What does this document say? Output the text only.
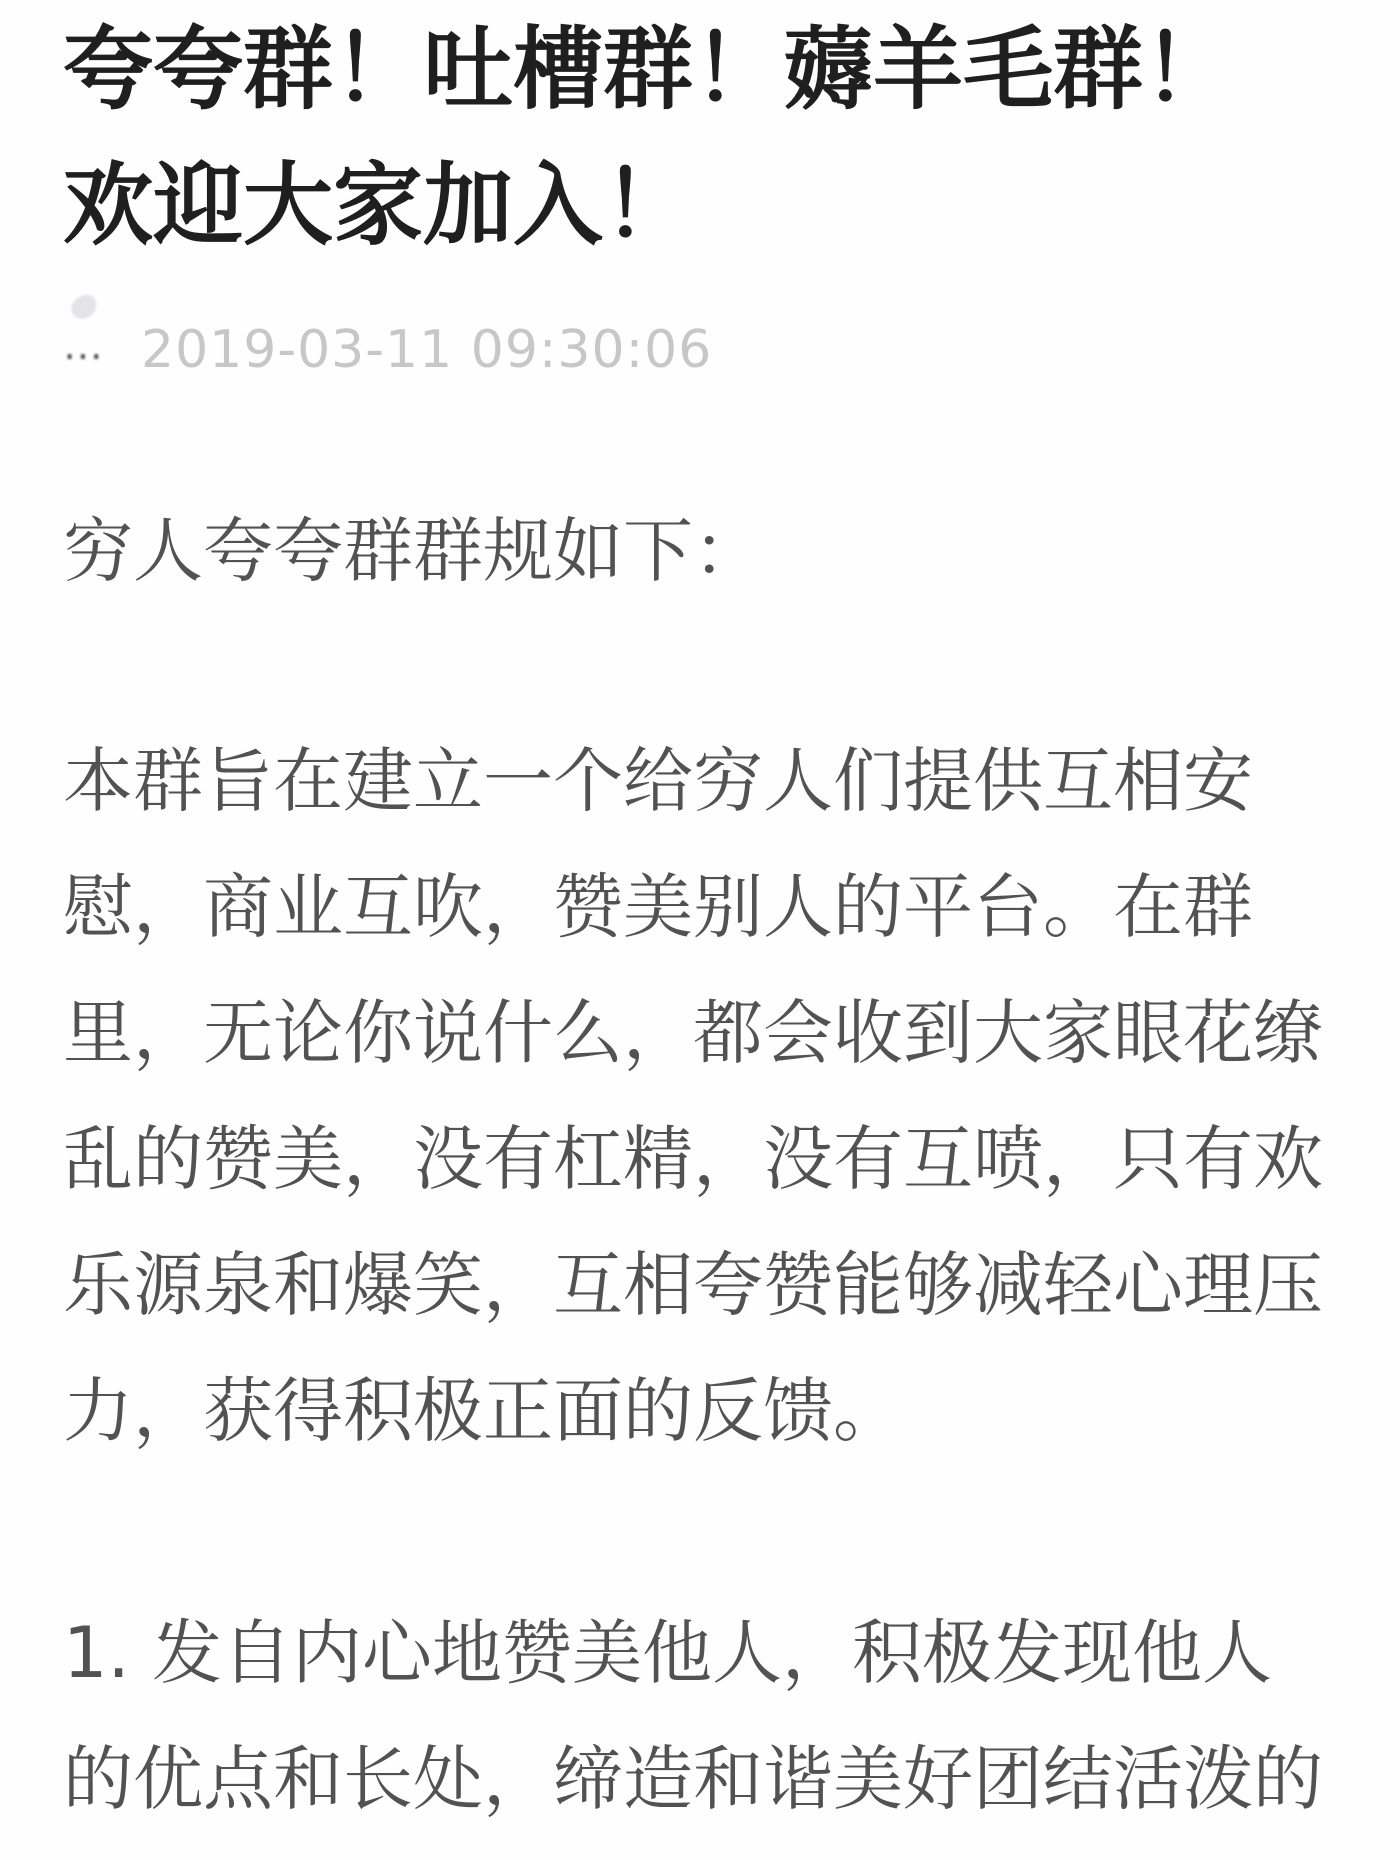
夸夸群！吐槽群！薅羊毛群！
欢迎大家加入！
⋯ 2019-03-11 09:30:06
穷人夸夸群群规如下：
本群旨在建立一个给穷人们提供互相安
慰，商业互吹，赞美别人的平台。在群
里，无论你说什么，都会收到大家眼花缭
乱的赞美，没有杠精，没有互喷，只有欢
乐源泉和爆笑，互相夸赞能够减轻心理压
力，获得积极正面的反馈。
1. 发自内心地赞美他人，积极发现他人
的优点和长处，缔造和谐美好团结活泼的
